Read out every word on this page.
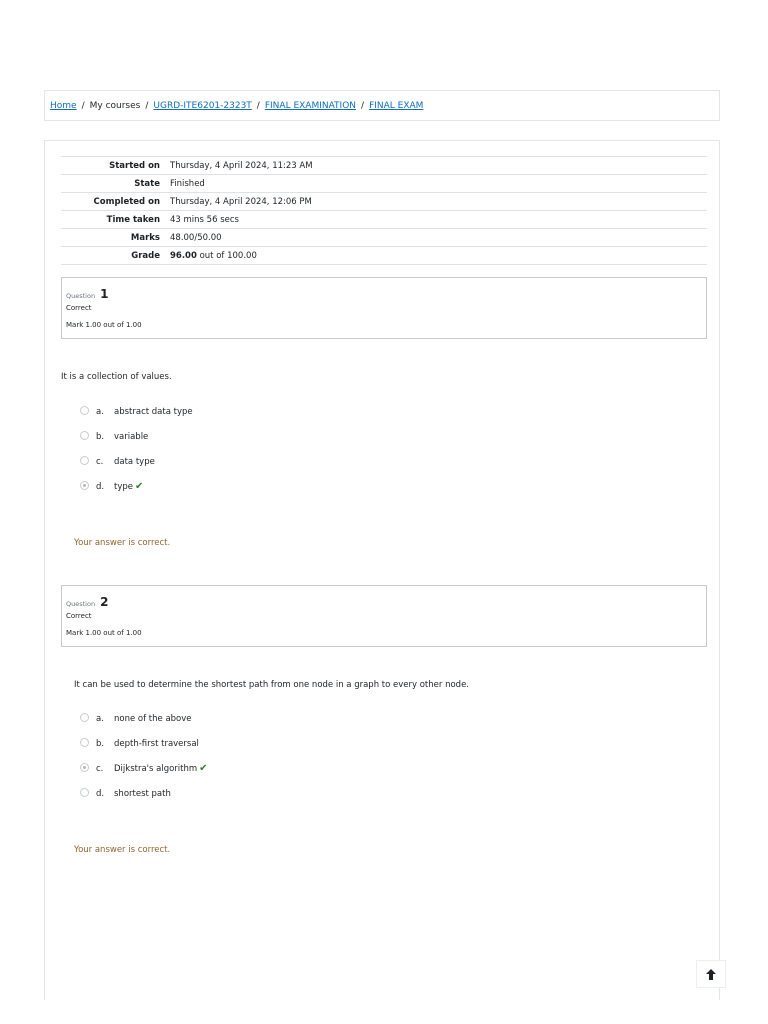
Home / My courses / UGRD-ITE6201-2323T / FINAL EXAMINATION / FINAL EXAM
Started on	Thursday, 4 April 2024, 11:23 AM
State	Finished
Completed on	Thursday, 4 April 2024, 12:06 PM
Time taken	43 mins 56 secs
Marks	48.00/50.00
Grade	96.00 out of 100.00
Question 1
Correct
Mark 1.00 out of 1.00
It is a collection of values.
a. abstract data type
b. variable
c. data type
d. type ✔
Your answer is correct.
Question 2
Correct
Mark 1.00 out of 1.00
It can be used to determine the shortest path from one node in a graph to every other node.
a. none of the above
b. depth-first traversal
c. Dijkstra's algorithm ✔
d. shortest path
Your answer is correct.
